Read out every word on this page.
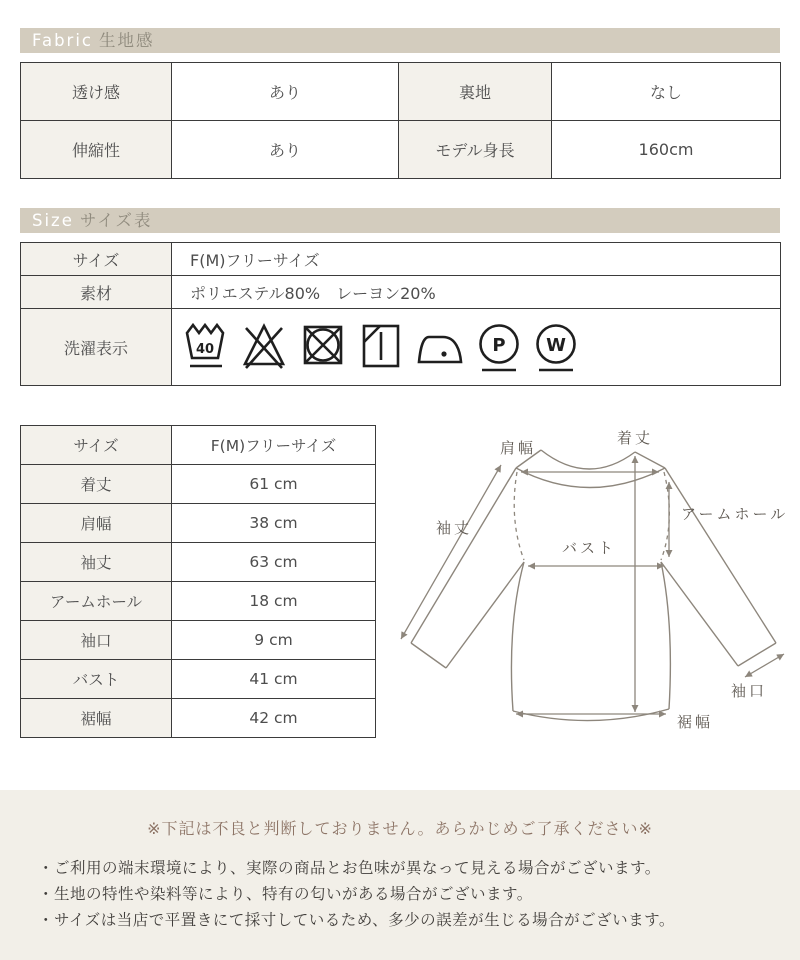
Fabric 生地感
透け感	あり	裏地	なし
伸縮性	あり	モデル身長	160cm
Size サイズ表
サイズ	F(M)フリーサイズ
素材	ポリエステル80%　レーヨン20%
洗濯表示	40 P W
サイズ	F(M)フリーサイズ
着丈	61 cm
肩幅	38 cm
袖丈	63 cm
アームホール	18 cm
袖口	9 cm
バスト	41 cm
裾幅	42 cm
肩幅
着丈
袖丈
アームホール
バスト
袖口
裾幅
※下記は不良と判断しておりません。あらかじめご了承ください※
・ご利用の端末環境により、実際の商品とお色味が異なって見える場合がございます。
・生地の特性や染料等により、特有の匂いがある場合がございます。
・サイズは当店で平置きにて採寸しているため、多少の誤差が生じる場合がございます。
